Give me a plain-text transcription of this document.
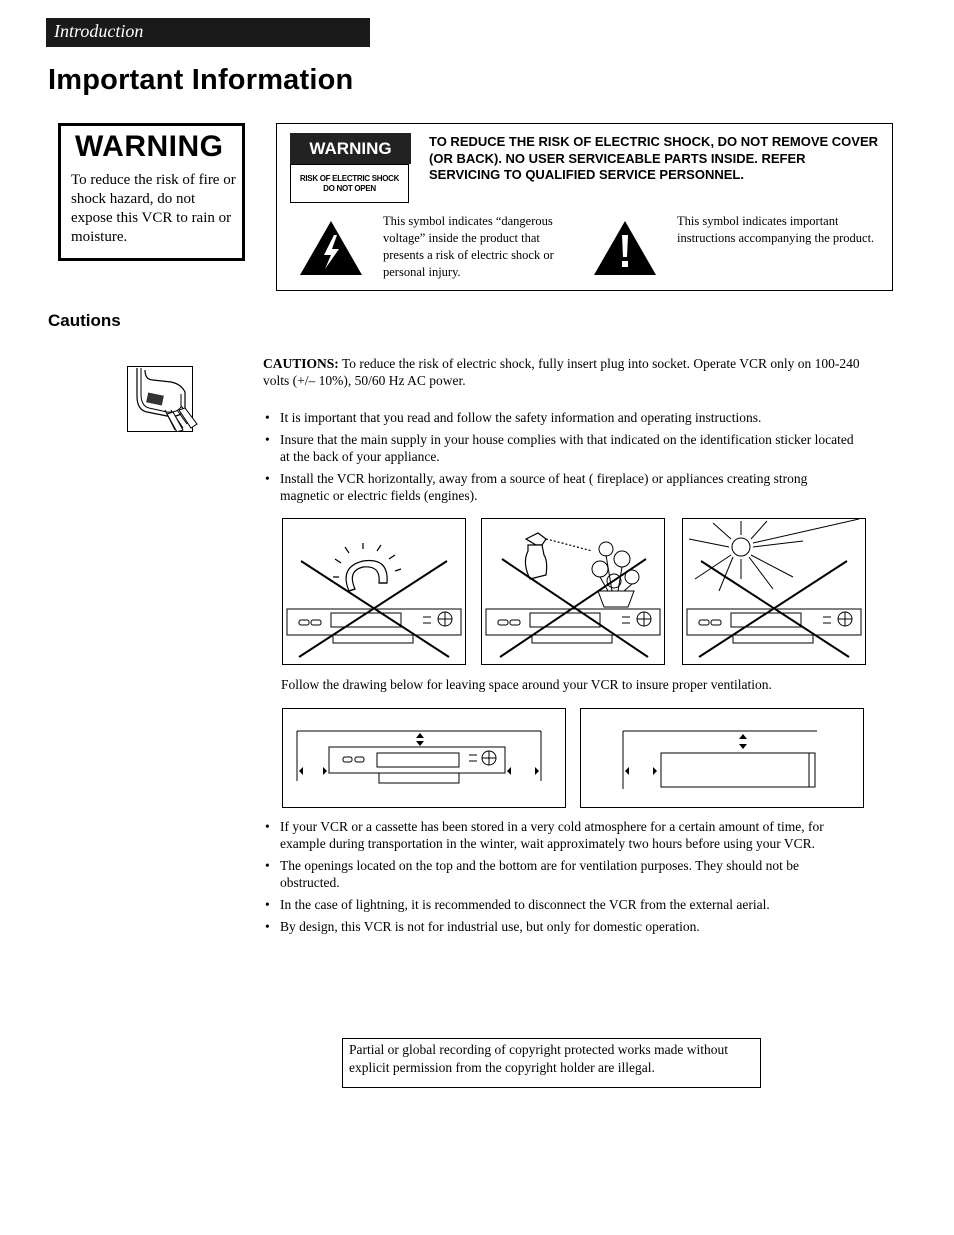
Introduction
Important Information
WARNING
To reduce the risk of fire or shock hazard, do not expose this VCR to rain or moisture.
WARNING
RISK OF ELECTRIC SHOCK
DO NOT OPEN
TO REDUCE THE RISK OF ELECTRIC SHOCK, DO NOT REMOVE COVER (OR BACK). NO USER SERVICEABLE PARTS INSIDE. REFER SERVICING TO QUALIFIED SERVICE PERSONNEL.
This symbol indicates “dangerous voltage” inside the product that presents a risk of electric shock or personal injury.
This symbol indicates important instructions accompanying the product.
Cautions
CAUTIONS: To reduce the risk of electric shock, fully insert plug into socket. Operate VCR only on 100-240 volts (+/– 10%), 50/60 Hz AC power.
• It is important that you read and follow the safety information and operating instructions.
• Insure that the main supply in your house complies with that indicated on the identification sticker located at the back of your appliance.
• Install the VCR horizontally, away from a source of heat ( fireplace) or appliances creating strong magnetic or electric fields (engines).
Follow the drawing below for leaving space around your VCR to insure proper ventilation.
• If your VCR or a cassette has been stored in a very cold atmosphere for a certain amount of time, for example during transportation in the winter, wait approximately two hours before using your VCR.
• The openings located on the top and the bottom are for ventilation purposes. They should not be obstructed.
• In the case of lightning, it is recommended to disconnect the VCR from the external aerial.
• By design, this VCR is not for industrial use, but only for domestic operation.
Partial or global recording of copyright protected works made without explicit permission from the copyright holder are illegal.
